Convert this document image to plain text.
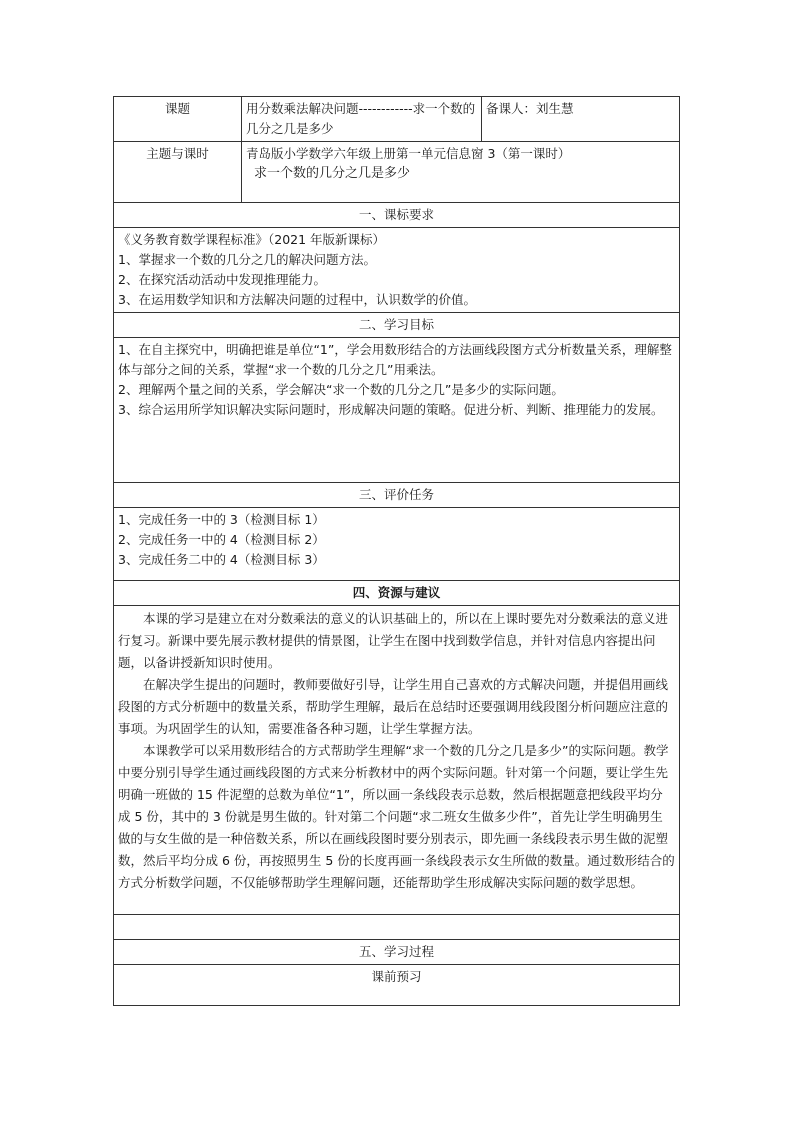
课题	用分数乘法解决问题------------求一个数的几分之几是多少	备课人：刘生慧
主题与课时	青岛版小学数学六年级上册第一单元信息窗 3（第一课时）
求一个数的几分之几是多少	

一、课标要求		

《义务教育数学课程标准》（2021 年版新课标）
1、掌握求一个数的几分之几的解决问题方法。
2、在探究活动活动中发现推理能力。
3、在运用数学知识和方法解决问题的过程中，认识数学的价值。		

二、学习目标		

1、在自主探究中，明确把谁是单位“1”，学会用数形结合的方法画线段图方式分析数量关系，理解整体与部分之间的关系，掌握“求一个数的几分之几”用乘法。
2、理解两个量之间的关系，学会解决“求一个数的几分之几”是多少的实际问题。
3、综合运用所学知识解决实际问题时，形成解决问题的策略。促进分析、判断、推理能力的发展。		

三、评价任务		

1、完成任务一中的 3（检测目标 1）
2、完成任务一中的 4（检测目标 2）
3、完成任务二中的 4（检测目标 3）		

四、资源与建议		

本课的学习是建立在对分数乘法的意义的认识基础上的，所以在上课时要先对分数乘法的意义进行复习。新课中要先展示教材提供的情景图，让学生在图中找到数学信息，并针对信息内容提出问题，以备讲授新知识时使用。

在解决学生提出的问题时，教师要做好引导，让学生用自己喜欢的方式解决问题，并提倡用画线段图的方式分析题中的数量关系，帮助学生理解，最后在总结时还要强调用线段图分析问题应注意的事项。为巩固学生的认知，需要准备各种习题，让学生掌握方法。

本课教学可以采用数形结合的方式帮助学生理解“求一个数的几分之几是多少”的实际问题。教学中要分别引导学生通过画线段图的方式来分析教材中的两个实际问题。针对第一个问题，要让学生先明确一班做的 15 件泥塑的总数为单位“1”，所以画一条线段表示总数，然后根据题意把线段平均分成 5 份，其中的 3 份就是男生做的。针对第二个问题“求二班女生做多少件”，首先让学生明确男生做的与女生做的是一种倍数关系，所以在画线段图时要分别表示，即先画一条线段表示男生做的泥塑数，然后平均分成 6 份，再按照男生 5 份的长度再画一条线段表示女生所做的数量。通过数形结合的方式分析数学问题，不仅能够帮助学生理解问题，还能帮助学生形成解决实际问题的数学思想。		

五、学习过程		
课前预习		
